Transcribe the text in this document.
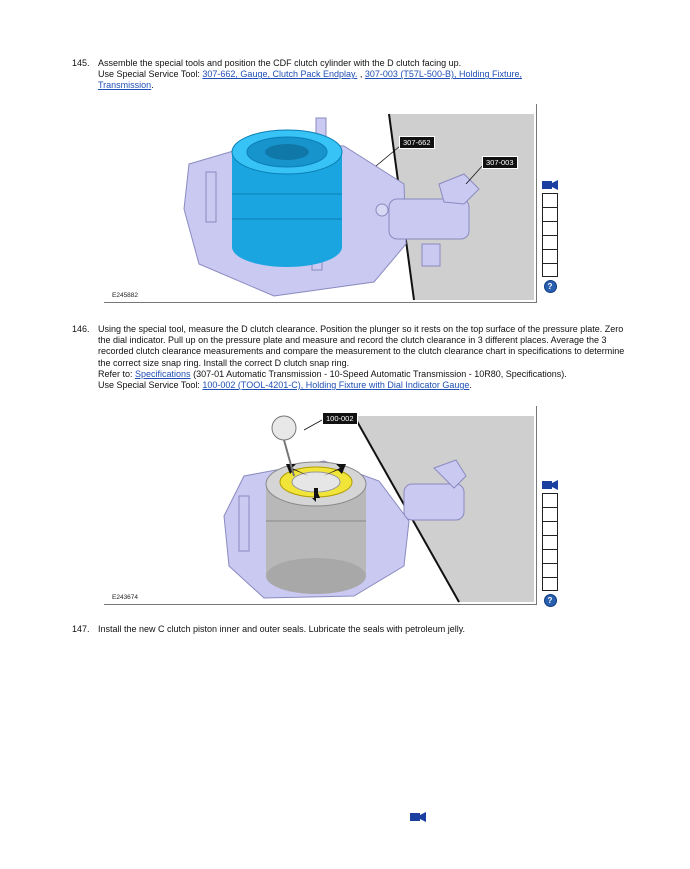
145. Assemble the special tools and position the CDF clutch cylinder with the D clutch facing up.
Use Special Service Tool: 307-662, Gauge, Clutch Pack Endplay. , 307-003 (T57L-500-B), Holding Fixture,
Transmission.
307-662
307-003
E245882
?
146. Using the special tool, measure the D clutch clearance. Position the plunger so it rests on the top surface of the pressure plate. Zero the dial indicator. Pull up on the pressure plate and measure and record the clutch clearance in 3 different places. Average the 3 recorded clutch clearance measurements and compare the measurement to the clutch clearance chart in specifications to determine the correct size snap ring. Install the correct D clutch snap ring.
Refer to: Specifications (307-01 Automatic Transmission - 10-Speed Automatic Transmission - 10R80, Specifications).
Use Special Service Tool: 100-002 (TOOL-4201-C), Holding Fixture with Dial Indicator Gauge.
100-002
E243674	?
147. Install the new C clutch piston inner and outer seals. Lubricate the seals with petroleum jelly.
